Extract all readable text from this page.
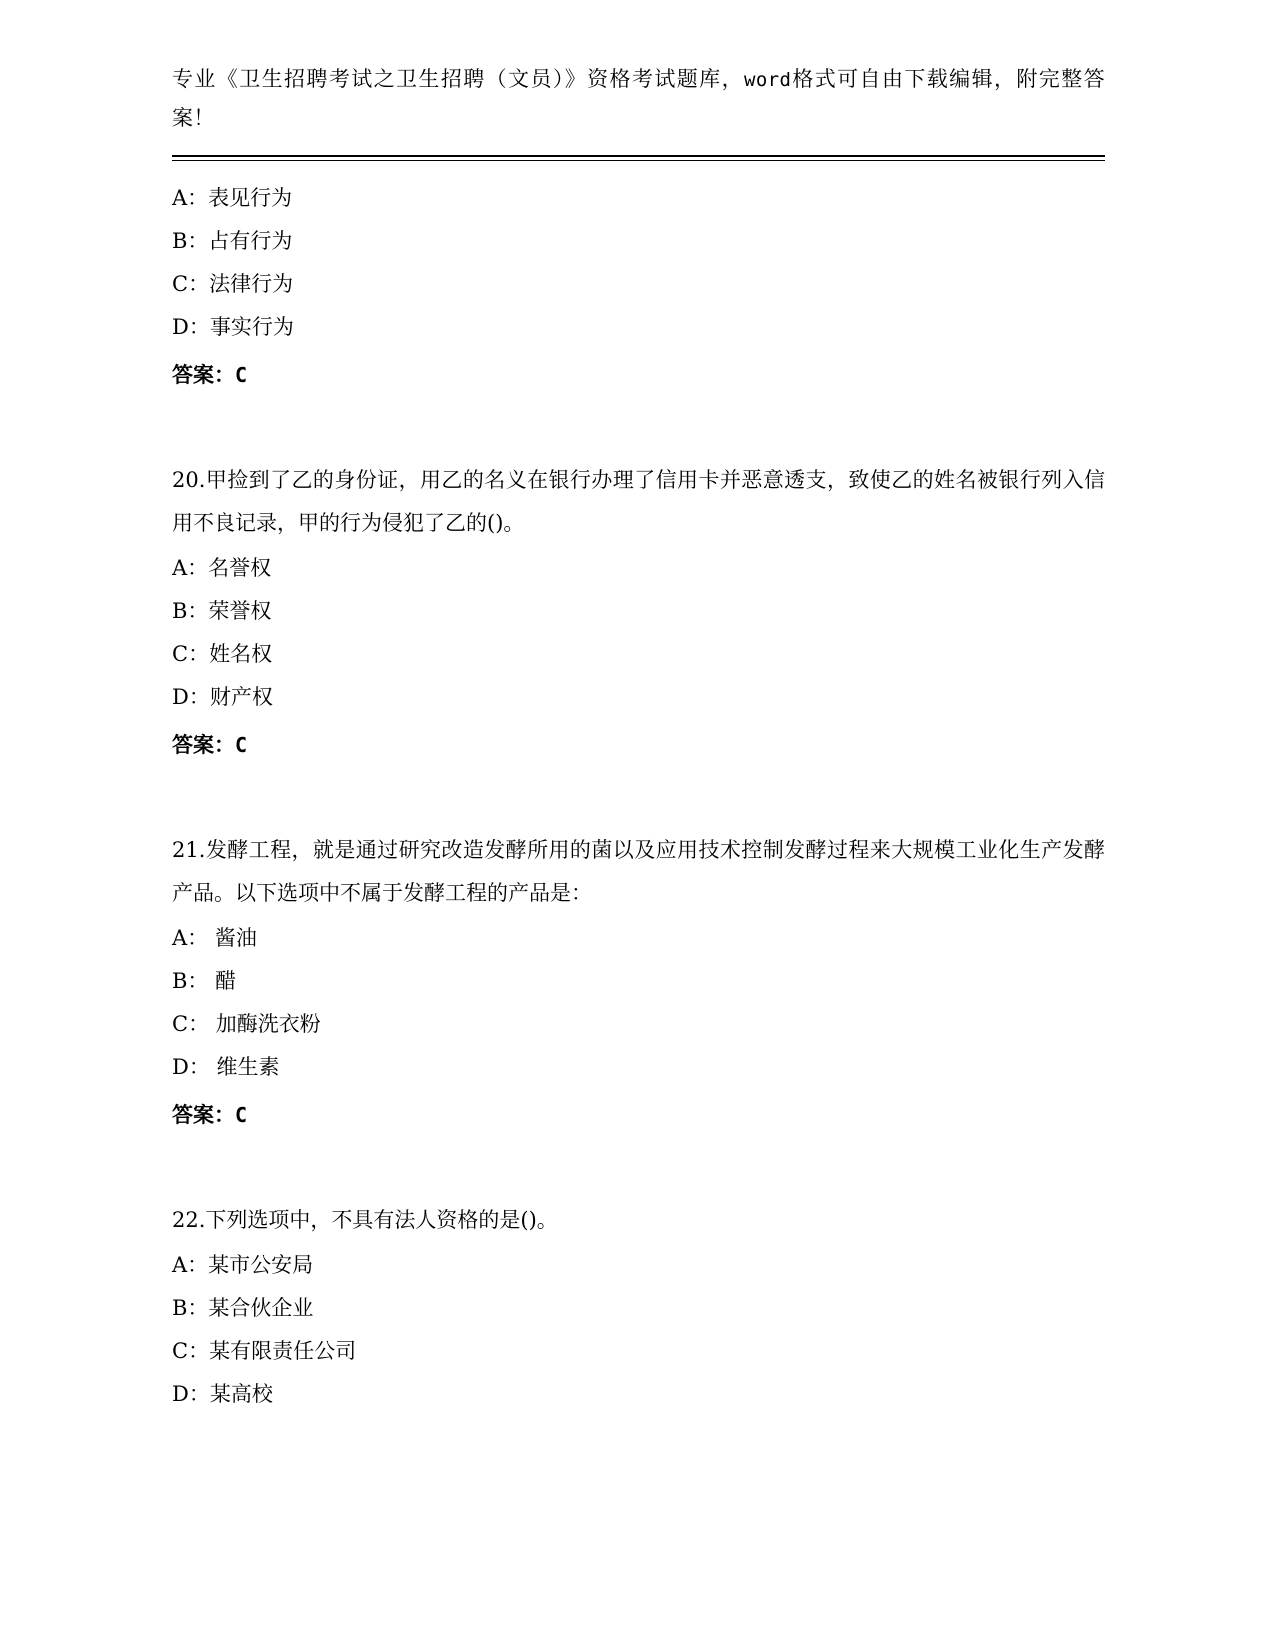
专业《卫生招聘考试之卫生招聘（文员）》资格考试题库，word格式可自由下载编辑，附完整答案！

A：表见行为

B：占有行为

C：法律行为

D：事实行为

答案：C

20.甲捡到了乙的身份证，用乙的名义在银行办理了信用卡并恶意透支，致使乙的姓名被银行列入信用不良记录，甲的行为侵犯了乙的()。

A：名誉权

B：荣誉权

C：姓名权

D：财产权

答案：C

21.发酵工程，就是通过研究改造发酵所用的菌以及应用技术控制发酵过程来大规模工业化生产发酵产品。以下选项中不属于发酵工程的产品是：

A： 酱油

B： 醋

C： 加酶洗衣粉

D： 维生素

答案：C

22.下列选项中，不具有法人资格的是()。

A：某市公安局

B：某合伙企业

C：某有限责任公司

D：某高校
